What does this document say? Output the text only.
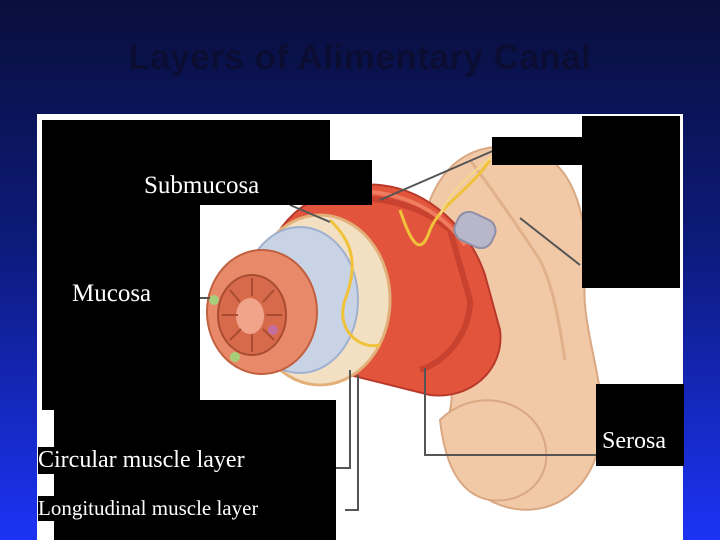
Layers of Alimentary Canal
Submucosa
Mucosa
Circular muscle layer
Longitudinal muscle layer
Serosa
